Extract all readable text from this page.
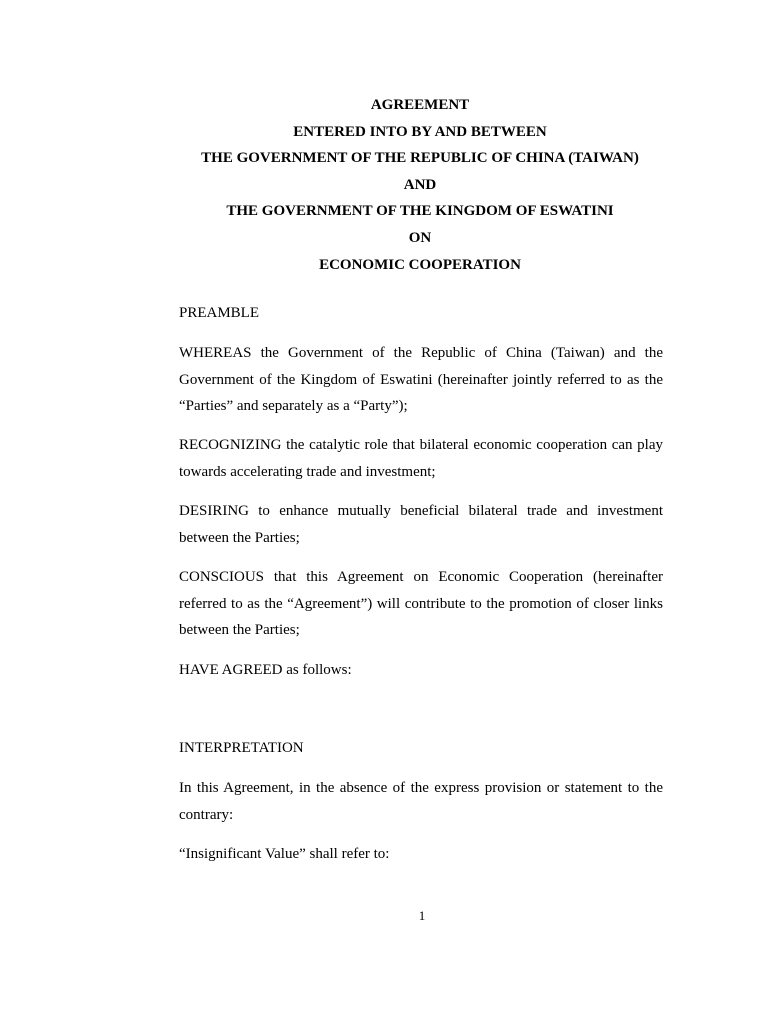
AGREEMENT
ENTERED INTO BY AND BETWEEN
THE GOVERNMENT OF THE REPUBLIC OF CHINA (TAIWAN)
AND
THE GOVERNMENT OF THE KINGDOM OF ESWATINI
ON
ECONOMIC COOPERATION
PREAMBLE
WHEREAS the Government of the Republic of China (Taiwan) and the Government of the Kingdom of Eswatini (hereinafter jointly referred to as the “Parties” and separately as a “Party”);
RECOGNIZING the catalytic role that bilateral economic cooperation can play towards accelerating trade and investment;
DESIRING to enhance mutually beneficial bilateral trade and investment between the Parties;
CONSCIOUS that this Agreement on Economic Cooperation (hereinafter referred to as the “Agreement”) will contribute to the promotion of closer links between the Parties;
HAVE AGREED as follows:
INTERPRETATION
In this Agreement, in the absence of the express provision or statement to the contrary:
“Insignificant Value” shall refer to:
1
